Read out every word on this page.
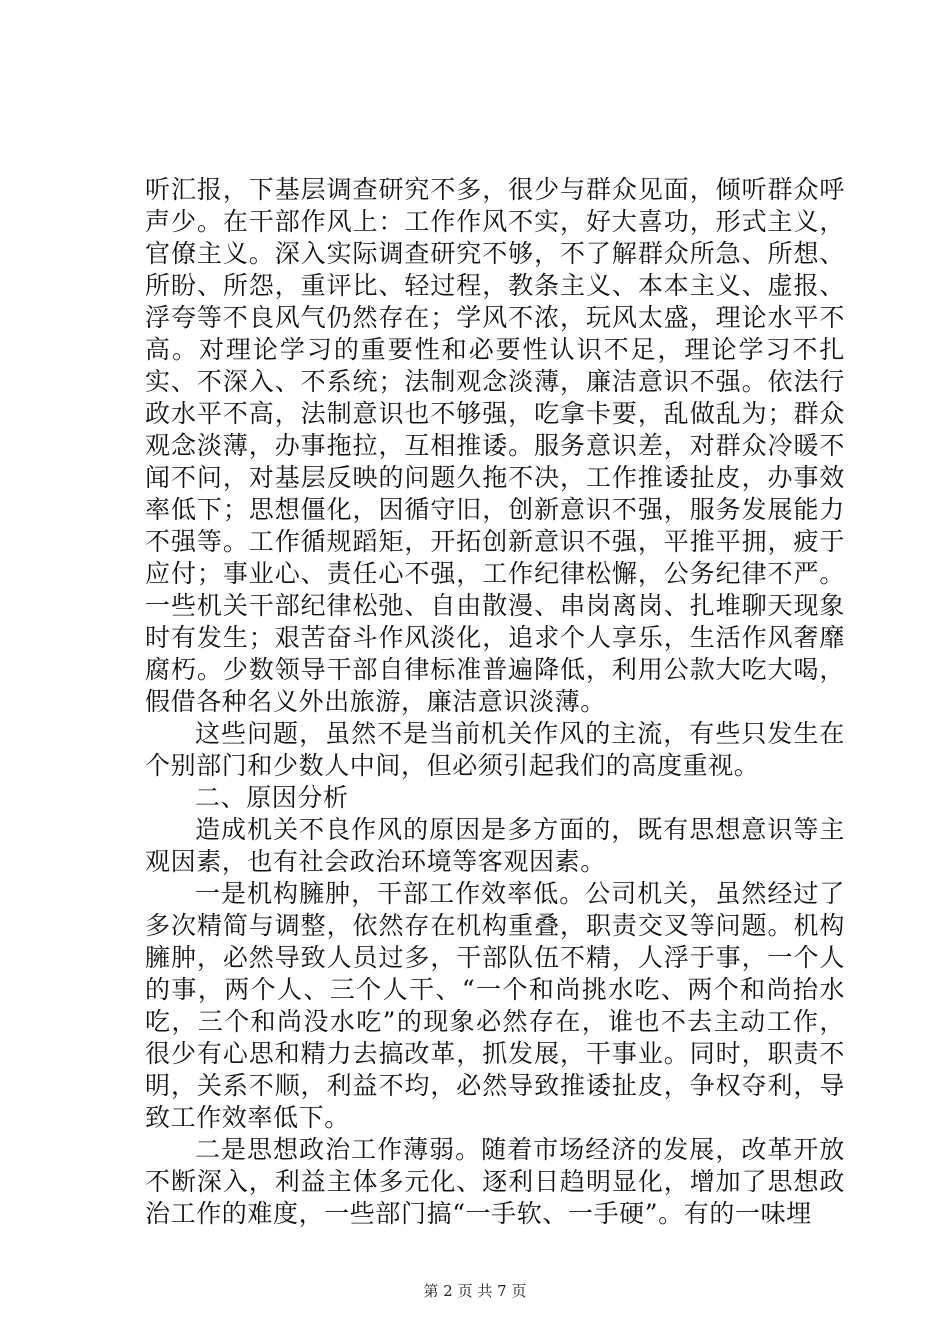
听汇报，下基层调查研究不多，很少与群众见面，倾听群众呼声少。在干部作风上：工作作风不实，好大喜功，形式主义，官僚主义。深入实际调查研究不够，不了解群众所急、所想、所盼、所怨，重评比、轻过程，教条主义、本本主义、虚报、浮夸等不良风气仍然存在；学风不浓，玩风太盛，理论水平不高。对理论学习的重要性和必要性认识不足，理论学习不扎实、不深入、不系统；法制观念淡薄，廉洁意识不强。依法行政水平不高，法制意识也不够强，吃拿卡要，乱做乱为；群众观念淡薄，办事拖拉，互相推诿。服务意识差，对群众冷暖不闻不问，对基层反映的问题久拖不决，工作推诿扯皮，办事效率低下；思想僵化，因循守旧，创新意识不强，服务发展能力不强等。工作循规蹈矩，开拓创新意识不强，平推平拥，疲于应付；事业心、责任心不强，工作纪律松懈，公务纪律不严。一些机关干部纪律松弛、自由散漫、串岗离岗、扎堆聊天现象时有发生；艰苦奋斗作风淡化，追求个人享乐，生活作风奢靡腐朽。少数领导干部自律标准普遍降低，利用公款大吃大喝，假借各种名义外出旅游，廉洁意识淡薄。

这些问题，虽然不是当前机关作风的主流，有些只发生在个别部门和少数人中间，但必须引起我们的高度重视。

二、原因分析

造成机关不良作风的原因是多方面的，既有思想意识等主观因素，也有社会政治环境等客观因素。

一是机构臃肿，干部工作效率低。公司机关，虽然经过了多次精简与调整，依然存在机构重叠，职责交叉等问题。机构臃肿，必然导致人员过多，干部队伍不精，人浮于事，一个人的事，两个人、三个人干、“一个和尚挑水吃、两个和尚抬水吃，三个和尚没水吃”的现象必然存在，谁也不去主动工作，很少有心思和精力去搞改革，抓发展，干事业。同时，职责不明，关系不顺，利益不均，必然导致推诿扯皮，争权夺利，导致工作效率低下。

二是思想政治工作薄弱。随着市场经济的发展，改革开放不断深入，利益主体多元化、逐利日趋明显化，增加了思想政治工作的难度，一些部门搞“一手软、一手硬”。有的一味埋

第 2 页 共 7 页
